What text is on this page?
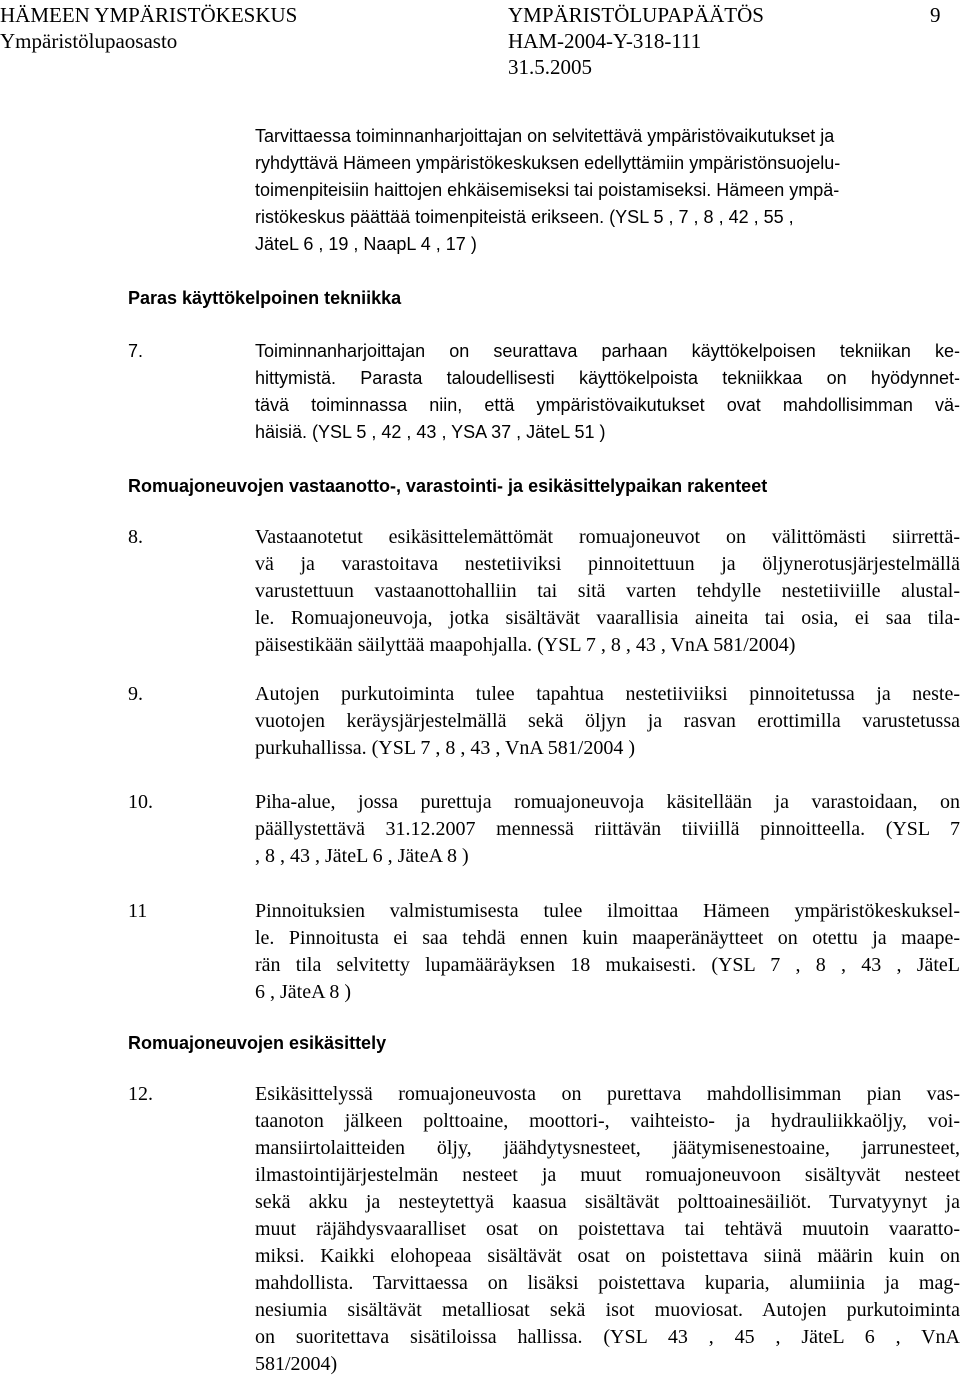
HÄMEEN YMPÄRISTÖKESKUS
Ympäristölupaosasto
YMPÄRISTÖLUPAPÄÄTÖS
HAM-2004-Y-318-111
31.5.2005
9
Tarvittaessa toiminnanharjoittajan on selvitettävä ympäristövaikutukset ja
ryhdyttävä Hämeen ympäristökeskuksen edellyttämiin ympäristönsuojelu-
toimenpiteisiin haittojen ehkäisemiseksi tai poistamiseksi. Hämeen ympä-
ristökeskus päättää toimenpiteistä erikseen. (YSL 5 , 7 , 8 , 42 , 55 ,
JäteL 6 , 19 , NaapL 4 , 17 )
Paras käyttökelpoinen tekniikka
7.	Toiminnanharjoittajan on seurattava parhaan käyttökelpoisen tekniikan ke-
hittymistä. Parasta taloudellisesti käyttökelpoista tekniikkaa on hyödynnet-
tävä toiminnassa niin, että ympäristövaikutukset ovat mahdollisimman vä-
häisiä. (YSL 5 , 42 , 43 , YSA 37 , JäteL 51 )
Romuajoneuvojen vastaanotto-, varastointi- ja esikäsittelypaikan rakenteet
8.	Vastaanotetut esikäsittelemättömät romuajoneuvot on välittömästi siirrettä-
vä ja varastoitava nestetiiviksi pinnoitettuun ja öljynerotusjärjestelmällä
varustettuun vastaanottohalliin tai sitä varten tehdylle nestetiiviille alustal-
le. Romuajoneuvoja, jotka sisältävät vaarallisia aineita tai osia, ei saa tila-
päisestikään säilyttää maapohjalla. (YSL 7 , 8 , 43 , VnA 581/2004)
9.	Autojen purkutoiminta tulee tapahtua nestetiiviiksi pinnoitetussa ja neste-
vuotojen keräysjärjestelmällä sekä öljyn ja rasvan erottimilla varustetussa
purkuhallissa. (YSL 7 , 8 , 43 , VnA 581/2004 )
10.	Piha-alue, jossa purettuja romuajoneuvoja käsitellään ja varastoidaan, on
päällystettävä 31.12.2007 mennessä riittävän tiiviillä pinnoitteella. (YSL 7
, 8 , 43 , JäteL 6 , JäteA 8 )
11	Pinnoituksien valmistumisesta tulee ilmoittaa Hämeen ympäristökeskuksel-
le. Pinnoitusta ei saa tehdä ennen kuin maaperänäytteet on otettu ja maape-
rän tila selvitetty lupamääräyksen 18 mukaisesti. (YSL 7 , 8 , 43 , JäteL
6 , JäteA 8 )
Romuajoneuvojen esikäsittely
12.	Esikäsittelyssä romuajoneuvosta on purettava mahdollisimman pian vas-
taanoton jälkeen polttoaine, moottori-, vaihteisto- ja hydrauliikkaöljy, voi-
mansiirtolaitteiden öljy, jäähdytysnesteet, jäätymisenestoaine, jarrunesteet,
ilmastointijärjestelmän nesteet ja muut romuajoneuvoon sisältyvät nesteet
sekä akku ja nesteytettyä kaasua sisältävät polttoainesäiliöt. Turvatyynyt ja
muut räjähdysvaaralliset osat on poistettava tai tehtävä muutoin vaaratto-
miksi. Kaikki elohopeaa sisältävät osat on poistettava siinä määrin kuin on
mahdollista. Tarvittaessa on lisäksi poistettava kuparia, alumiinia ja mag-
nesiumia sisältävät metalliosat sekä isot muoviosat. Autojen purkutoiminta
on suoritettava sisätiloissa hallissa. (YSL 43 , 45 , JäteL 6 , VnA
581/2004)
